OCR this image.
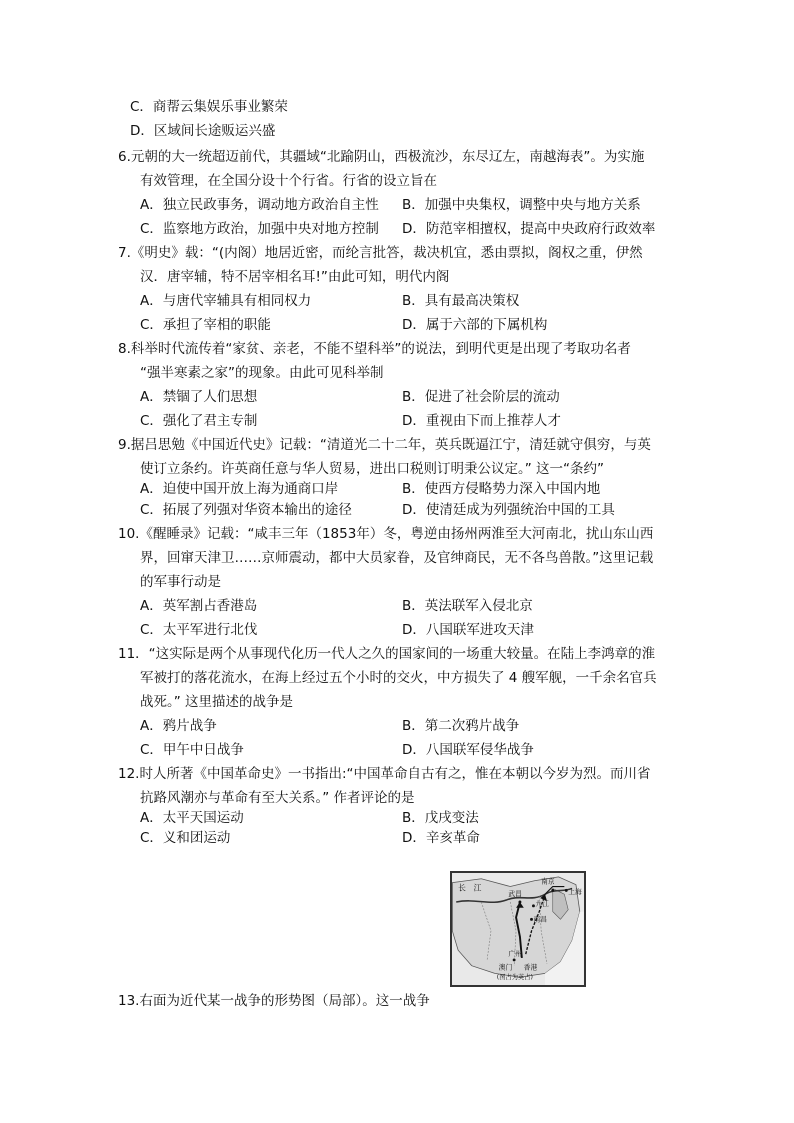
C．商帮云集娱乐事业繁荣
D．区域间长途贩运兴盛
6.元朝的大一统超迈前代，其疆域“北踰阴山，西极流沙，东尽辽左，南越海表”。为实施
有效管理，在全国分设十个行省。行省的设立旨在
A．独立民政事务，调动地方政治自主性 B．加强中央集权，调整中央与地方关系
C．监察地方政治，加强中央对地方控制 D．防范宰相擅权，提高中央政府行政效率
7.《明史》载：“(内阁）地居近密，而纶言批答，裁决机宜，悉由票拟，阁权之重，伊然
汉．唐宰辅，特不居宰相名耳!”由此可知，明代内阁
A．与唐代宰辅具有相同权力	B．具有最高决策权
C．承担了宰相的职能	D．属于六部的下属机构
8.科举时代流传着“家贫、亲老，不能不望科举”的说法，到明代更是出现了考取功名者
“强半寒素之家”的现象。由此可见科举制
A．禁锢了人们思想	B．促进了社会阶层的流动
C．强化了君主专制	D．重视由下而上推荐人才
9.据吕思勉《中国近代史》记载：“清道光二十二年，英兵既逼江宁，清廷就守俱穷，与英
使订立条约。许英商任意与华人贸易，进出口税则订明秉公议定。” 这一“条约”
A．迫使中国开放上海为通商口岸	B．使西方侵略势力深入中国内地
C．拓展了列强对华资本输出的途径	D．使清廷成为列强统治中国的工具
10.《醒睡录》记载：“咸丰三年（1853年）冬，粤逆由扬州两淮至大河南北，扰山东山西
界，回窜天津卫……京师震动，都中大员家眷，及官绅商民，无不各鸟兽散。”这里记载
的军事行动是
A．英军割占香港岛	B．英法联军入侵北京
C．太平军进行北伐	D．八国联军进攻天津
11．“这实际是两个从事现代化历一代人之久的国家间的一场重大较量。在陆上李鸿章的淮
军被打的落花流水，在海上经过五个小时的交火，中方损失了 4 艘军舰，一千余名官兵
战死。” 这里描述的战争是
A．鸦片战争	B．第二次鸦片战争
C．甲午中日战争	D．八国联军侵华战争
12.时人所著《中国革命史》一书指出:“中国革命自古有之，惟在本朝以今岁为烈。而川省
抗路风潮亦与革命有至大关系。” 作者评论的是
A．太平天国运动	B．戊戌变法
C．义和团运动	D．辛亥革命
长　江
南京
武昌
九江
南昌
上海
广州
澳门 香港
(图占为英占)
13.右面为近代某一战争的形势图（局部）。这一战争
